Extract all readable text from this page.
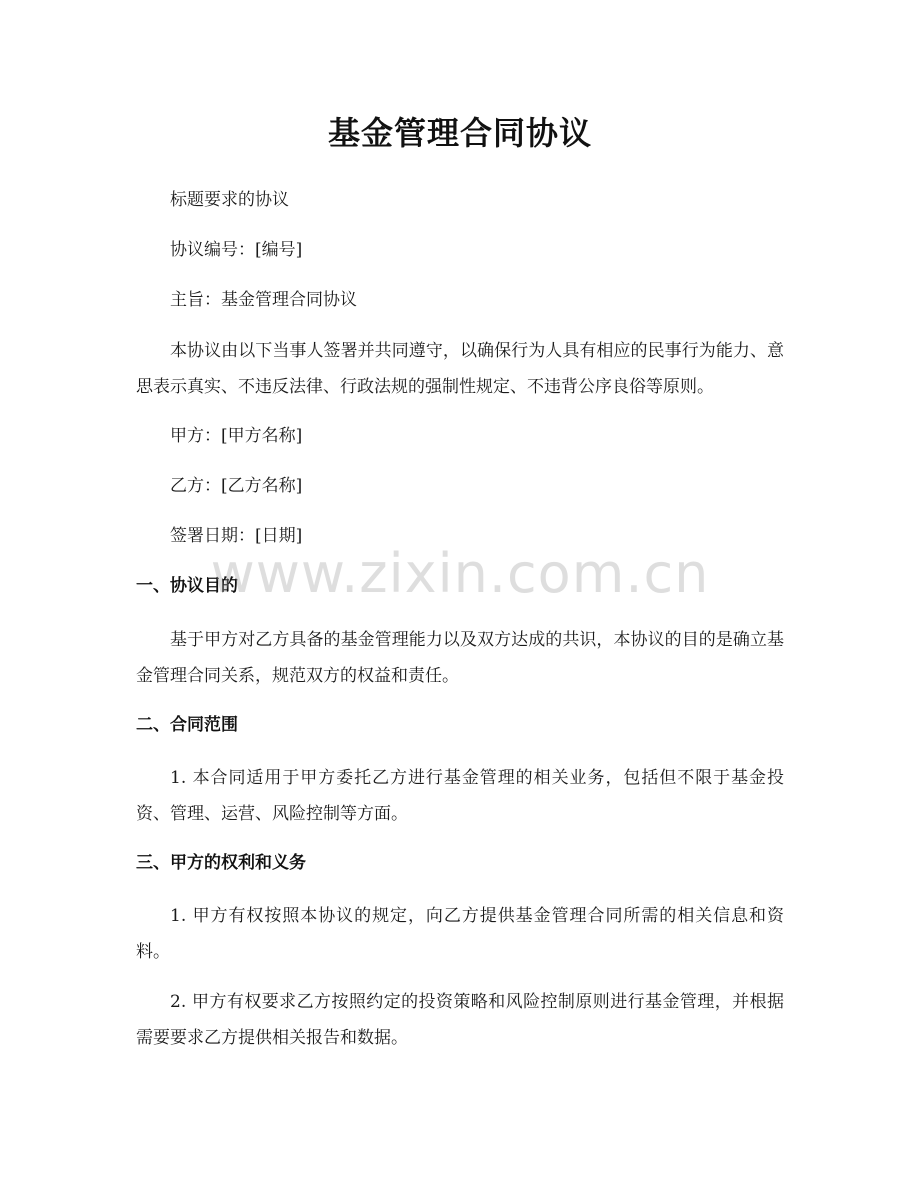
基金管理合同协议
标题要求的协议
协议编号：[编号]
主旨：基金管理合同协议
本协议由以下当事人签署并共同遵守，以确保行为人具有相应的民事行为能力、意思表示真实、不违反法律、行政法规的强制性规定、不违背公序良俗等原则。
甲方：[甲方名称]
乙方：[乙方名称]
签署日期：[日期]
一、协议目的
基于甲方对乙方具备的基金管理能力以及双方达成的共识，本协议的目的是确立基金管理合同关系，规范双方的权益和责任。
二、合同范围
1. 本合同适用于甲方委托乙方进行基金管理的相关业务，包括但不限于基金投资、管理、运营、风险控制等方面。
三、甲方的权利和义务
1. 甲方有权按照本协议的规定，向乙方提供基金管理合同所需的相关信息和资料。
2. 甲方有权要求乙方按照约定的投资策略和风险控制原则进行基金管理，并根据需要要求乙方提供相关报告和数据。
www.zixin.com.cn
